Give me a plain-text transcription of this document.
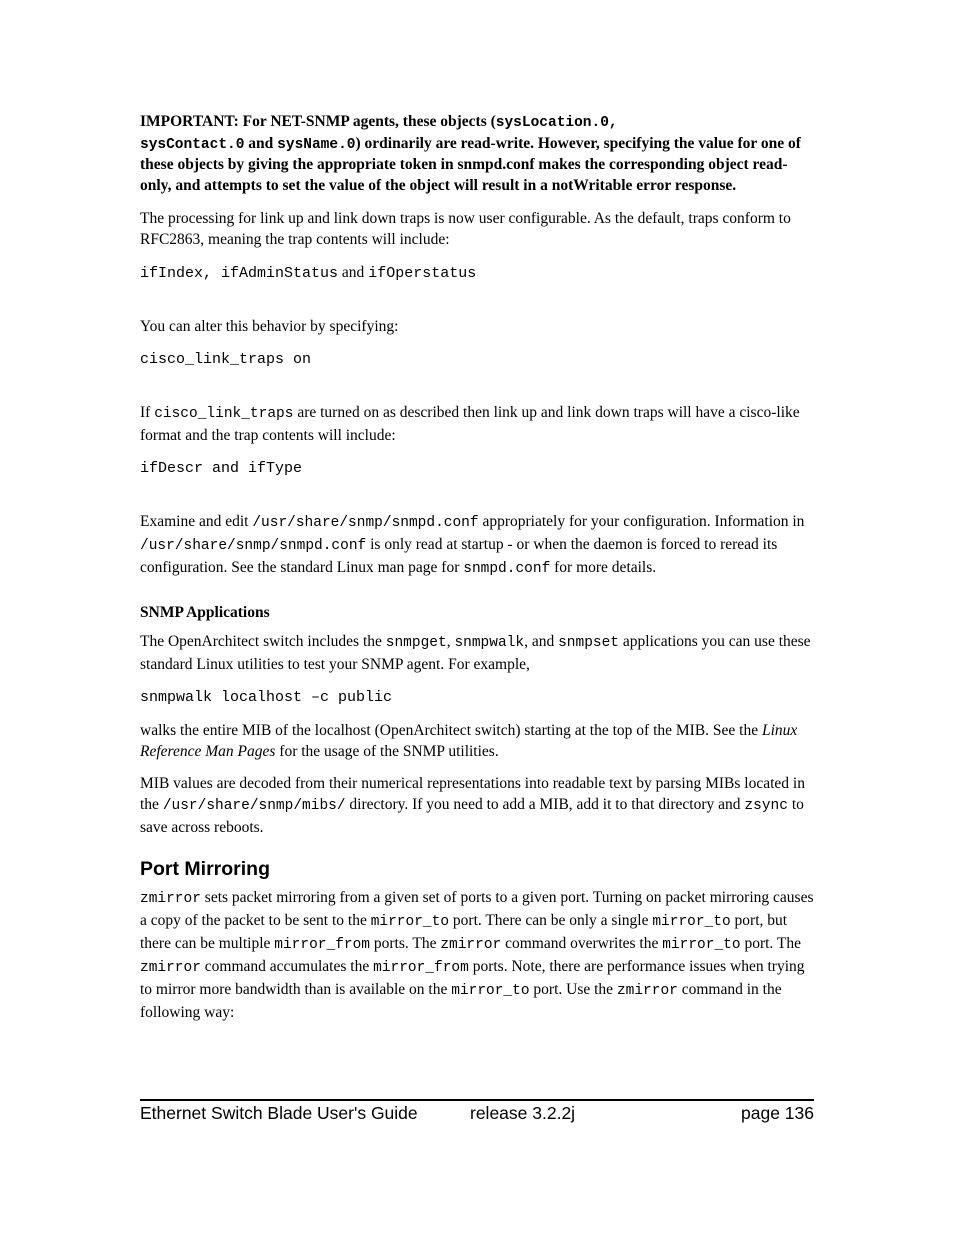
IMPORTANT: For NET-SNMP agents, these objects (sysLocation.0,
sysContact.0 and sysName.0) ordinarily are read-write. However, specifying the value for one of these objects by giving the appropriate token in snmpd.conf makes the corresponding object read-only, and attempts to set the value of the object will result in a notWritable error response.

The processing for link up and link down traps is now user configurable. As the default, traps conform to RFC2863, meaning the trap contents will include:

ifIndex, ifAdminStatus and ifOperstatus

You can alter this behavior by specifying:

cisco_link_traps on

If cisco_link_traps are turned on as described then link up and link down traps will have a cisco-like format and the trap contents will include:

ifDescr and ifType

Examine and edit /usr/share/snmp/snmpd.conf appropriately for your configuration. Information in /usr/share/snmp/snmpd.conf is only read at startup - or when the daemon is forced to reread its configuration. See the standard Linux man page for snmpd.conf for more details.

SNMP Applications

The OpenArchitect switch includes the snmpget, snmpwalk, and snmpset applications you can use these standard Linux utilities to test your SNMP agent. For example,

snmpwalk localhost –c public

walks the entire MIB of the localhost (OpenArchitect switch) starting at the top of the MIB. See the Linux Reference Man Pages for the usage of the SNMP utilities.

MIB values are decoded from their numerical representations into readable text by parsing MIBs located in the /usr/share/snmp/mibs/ directory. If you need to add a MIB, add it to that directory and zsync to save across reboots.

Port Mirroring

zmirror sets packet mirroring from a given set of ports to a given port. Turning on packet mirroring causes a copy of the packet to be sent to the mirror_to port. There can be only a single mirror_to port, but there can be multiple mirror_from ports. The zmirror command overwrites the mirror_to port. The zmirror command accumulates the mirror_from ports. Note, there are performance issues when trying to mirror more bandwidth than is available on the mirror_to port. Use the zmirror command in the following way:

Ethernet Switch Blade User's Guide	release 3.2.2j	page 136
